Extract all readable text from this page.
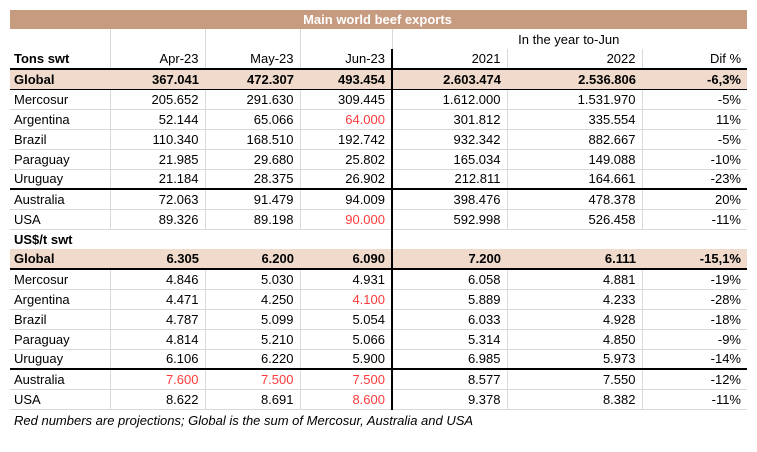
Main world beef exports						
				In the year to-Jun		
Tons swt	Apr-23	May-23	Jun-23	2021	2022	Dif %
Global	367.041	472.307	493.454	2.603.474	2.536.806	-6,3%
Mercosur	205.652	291.630	309.445	1.612.000	1.531.970	-5%
Argentina	52.144	65.066	64.000	301.812	335.554	11%
Brazil	110.340	168.510	192.742	932.342	882.667	-5%
Paraguay	21.985	29.680	25.802	165.034	149.088	-10%
Uruguay	21.184	28.375	26.902	212.811	164.661	-23%
Australia	72.063	91.479	94.009	398.476	478.378	20%
USA	89.326	89.198	90.000	592.998	526.458	-11%
US$/t swt						
Global	6.305	6.200	6.090	7.200	6.111	-15,1%
Mercosur	4.846	5.030	4.931	6.058	4.881	-19%
Argentina	4.471	4.250	4.100	5.889	4.233	-28%
Brazil	4.787	5.099	5.054	6.033	4.928	-18%
Paraguay	4.814	5.210	5.066	5.314	4.850	-9%
Uruguay	6.106	6.220	5.900	6.985	5.973	-14%
Australia	7.600	7.500	7.500	8.577	7.550	-12%
USA	8.622	8.691	8.600	9.378	8.382	-11%
Red numbers are projections; Global is the sum of Mercosur, Australia and USA						
